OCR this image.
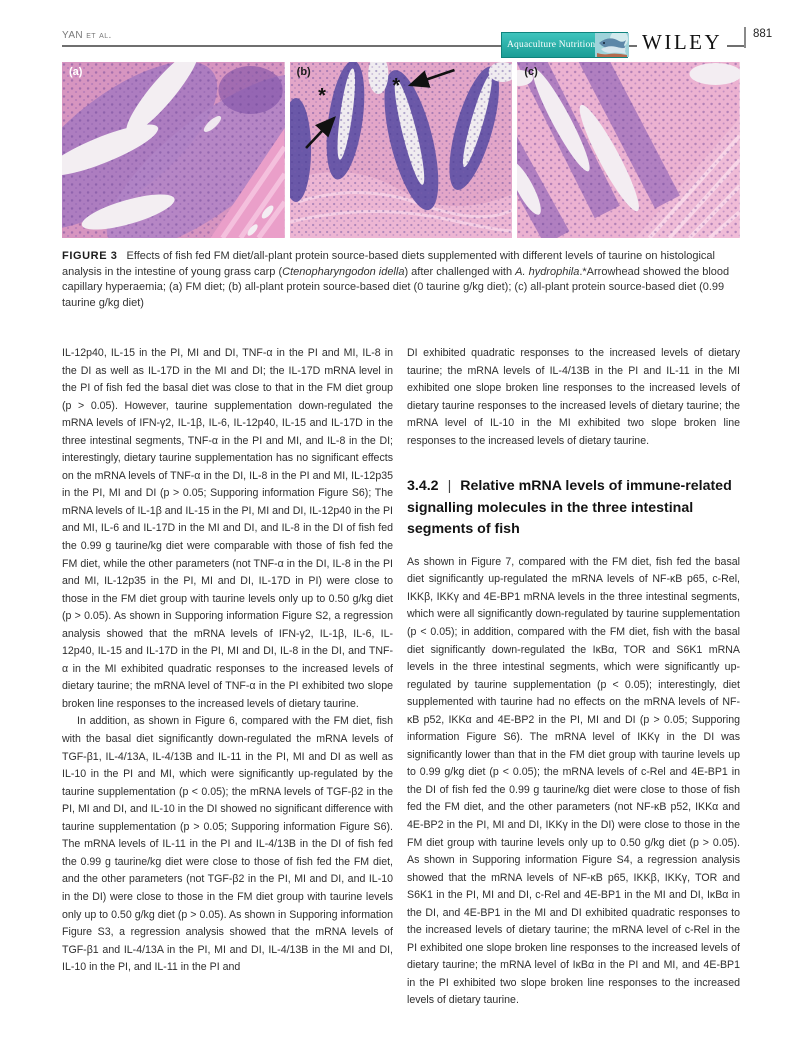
YAN et al.
Aquaculture Nutrition WILEY	881
(a)
*	*
(b)	(c)

FIGURE 3 Effects of fish fed FM diet/all-plant protein source-based diets supplemented with different levels of taurine on histological analysis in the intestine of young grass carp (Ctenopharyngodon idella) after challenged with A. hydrophila.*Arrowhead showed the blood capillary hyperaemia; (a) FM diet; (b) all-plant protein source-based diet (0 taurine g/kg diet); (c) all-plant protein source-based diet (0.99 taurine g/kg diet)

IL-12p40, IL-15 in the PI, MI and DI, TNF-α in the PI and MI, IL-8 in the DI as well as IL-17D in the MI and DI; the IL-17D mRNA level in the PI of fish fed the basal diet was close to that in the FM diet group (p > 0.05). However, taurine supplementation down-regulated the mRNA levels of IFN-γ2, IL-1β, IL-6, IL-12p40, IL-15 and IL-17D in the three intestinal segments, TNF-α in the PI and MI, and IL-8 in the DI; interestingly, dietary taurine supplementation has no significant effects on the mRNA levels of TNF-α in the DI, IL-8 in the PI and MI, IL-12p35 in the PI, MI and DI (p > 0.05; Supporing information Figure S6); The mRNA levels of IL-1β and IL-15 in the PI, MI and DI, IL-12p40 in the PI and MI, IL-6 and IL-17D in the MI and DI, and IL-8 in the DI of fish fed the 0.99 g taurine/kg diet were comparable with those of fish fed the FM diet, while the other parameters (not TNF-α in the DI, IL-8 in the PI and MI, IL-12p35 in the PI, MI and DI, IL-17D in PI) were close to those in the FM diet group with taurine levels only up to 0.50 g/kg diet (p > 0.05). As shown in Supporing information Figure S2, a regression analysis showed that the mRNA levels of IFN-γ2, IL-1β, IL-6, IL-12p40, IL-15 and IL-17D in the PI, MI and DI, IL-8 in the DI, and TNF-α in the MI exhibited quadratic responses to the increased levels of dietary taurine; the mRNA level of TNF-α in the PI exhibited two slope broken line responses to the increased levels of dietary taurine.

In addition, as shown in Figure 6, compared with the FM diet, fish with the basal diet significantly down-regulated the mRNA levels of TGF-β1, IL-4/13A, IL-4/13B and IL-11 in the PI, MI and DI as well as IL-10 in the PI and MI, which were significantly up-regulated by the taurine supplementation (p < 0.05); the mRNA levels of TGF-β2 in the PI, MI and DI, and IL-10 in the DI showed no significant difference with taurine supplementation (p > 0.05; Supporing information Figure S6). The mRNA levels of IL-11 in the PI and IL-4/13B in the DI of fish fed the 0.99 g taurine/kg diet were close to those of fish fed the FM diet, and the other parameters (not TGF-β2 in the PI, MI and DI, and IL-10 in the DI) were close to those in the FM diet group with taurine levels only up to 0.50 g/kg diet (p > 0.05). As shown in Supporing information Figure S3, a regression analysis showed that the mRNA levels of TGF-β1 and IL-4/13A in the PI, MI and DI, IL-4/13B in the MI and DI, IL-10 in the PI, and IL-11 in the PI and

DI exhibited quadratic responses to the increased levels of dietary taurine; the mRNA levels of IL-4/13B in the PI and IL-11 in the MI exhibited one slope broken line responses to the increased levels of dietary taurine responses to the increased levels of dietary taurine; the mRNA level of IL-10 in the MI exhibited two slope broken line responses to the increased levels of dietary taurine.

3.4.2 | Relative mRNA levels of immune-related signalling molecules in the three intestinal segments of fish

As shown in Figure 7, compared with the FM diet, fish fed the basal diet significantly up-regulated the mRNA levels of NF-κB p65, c-Rel, IKKβ, IKKγ and 4E-BP1 mRNA levels in the three intestinal segments, which were all significantly down-regulated by taurine supplementation (p < 0.05); in addition, compared with the FM diet, fish with the basal diet significantly down-regulated the IκBα, TOR and S6K1 mRNA levels in the three intestinal segments, which were significantly up-regulated by taurine supplementation (p < 0.05); interestingly, diet supplemented with taurine had no effects on the mRNA levels of NF-κB p52, IKKα and 4E-BP2 in the PI, MI and DI (p > 0.05; Supporing information Figure S6). The mRNA level of IKKγ in the DI was significantly lower than that in the FM diet group with taurine levels up to 0.99 g/kg diet (p < 0.05); the mRNA levels of c-Rel and 4E-BP1 in the DI of fish fed the 0.99 g taurine/kg diet were close to those of fish fed the FM diet, and the other parameters (not NF-κB p52, IKKα and 4E-BP2 in the PI, MI and DI, IKKγ in the DI) were close to those in the FM diet group with taurine levels only up to 0.50 g/kg diet (p > 0.05). As shown in Supporing information Figure S4, a regression analysis showed that the mRNA levels of NF-κB p65, IKKβ, IKKγ, TOR and S6K1 in the PI, MI and DI, c-Rel and 4E-BP1 in the MI and DI, IκBα in the DI, and 4E-BP1 in the MI and DI exhibited quadratic responses to the increased levels of dietary taurine; the mRNA level of c-Rel in the PI exhibited one slope broken line responses to the increased levels of dietary taurine; the mRNA level of IκBα in the PI and MI, and 4E-BP1 in the PI exhibited two slope broken line responses to the increased levels of dietary taurine.
